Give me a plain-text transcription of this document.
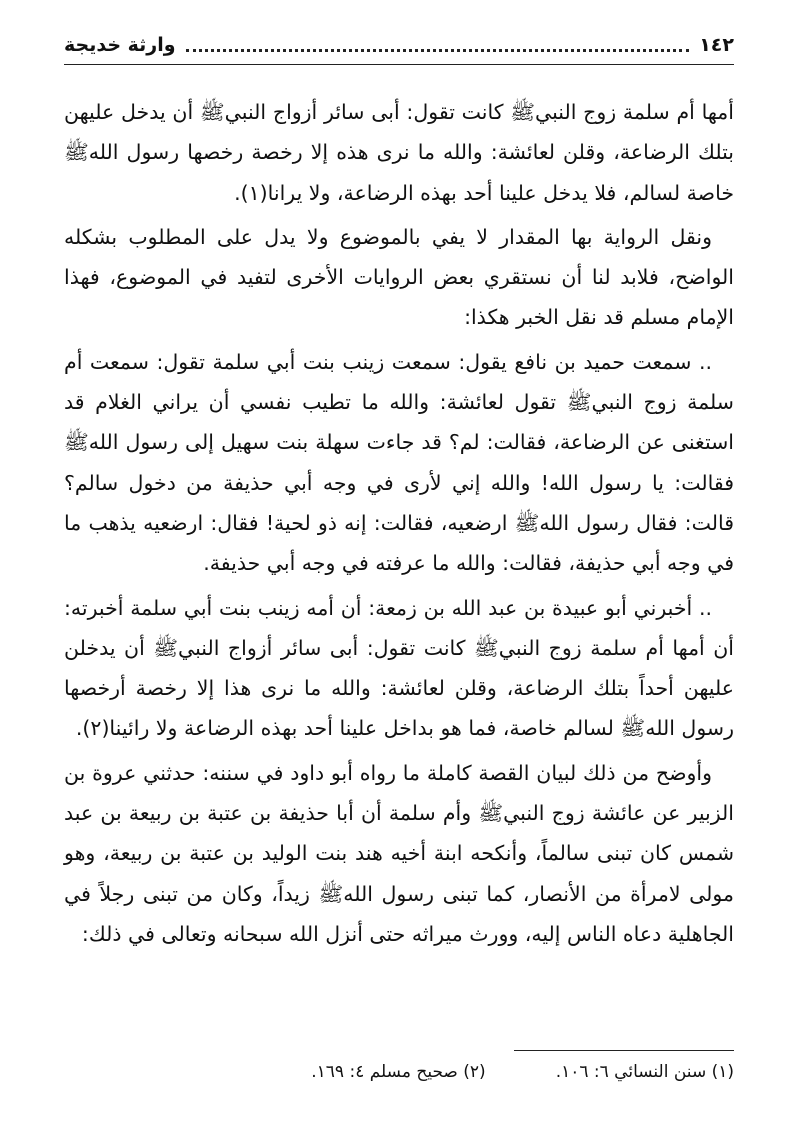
١٤٢
وارثة خديجة

أمها أم سلمة زوج النبيﷺ كانت تقول: أبى سائر أزواج النبيﷺ أن يدخل عليهن بتلك الرضاعة، وقلن لعائشة: والله ما نرى هذه إلا رخصة رخصها رسول اللهﷺ خاصة لسالم، فلا يدخل علينا أحد بهذه الرضاعة، ولا يرانا(١).

ونقل الرواية بها المقدار لا يفي بالموضوع ولا يدل على المطلوب بشكله الواضح، فلابد لنا أن نستقري بعض الروايات الأخرى لتفيد في الموضوع، فهذا الإمام مسلم قد نقل الخبر هكذا:

.. سمعت حميد بن نافع يقول: سمعت زينب بنت أبي سلمة تقول: سمعت أم سلمة زوج النبيﷺ تقول لعائشة: والله ما تطيب نفسي أن يراني الغلام قد استغنى عن الرضاعة، فقالت: لم؟ قد جاءت سهلة بنت سهيل إلى رسول اللهﷺ فقالت: يا رسول الله! والله إني لأرى في وجه أبي حذيفة من دخول سالم؟ قالت: فقال رسول اللهﷺ ارضعيه، فقالت: إنه ذو لحية! فقال: ارضعيه يذهب ما في وجه أبي حذيفة، فقالت: والله ما عرفته في وجه أبي حذيفة.

.. أخبرني أبو عبيدة بن عبد الله بن زمعة: أن أمه زينب بنت أبي سلمة أخبرته: أن أمها أم سلمة زوج النبيﷺ كانت تقول: أبى سائر أزواج النبيﷺ أن يدخلن عليهن أحداً بتلك الرضاعة، وقلن لعائشة: والله ما نرى هذا إلا رخصة أرخصها رسول اللهﷺ لسالم خاصة، فما هو بداخل علينا أحد بهذه الرضاعة ولا رائينا(٢).

وأوضح من ذلك لبيان القصة كاملة ما رواه أبو داود في سننه: حدثني عروة بن الزبير عن عائشة زوج النبيﷺ وأم سلمة أن أبا حذيفة بن عتبة بن ربيعة بن عبد شمس كان تبنى سالماً، وأنكحه ابنة أخيه هند بنت الوليد بن عتبة بن ربيعة، وهو مولى لامرأة من الأنصار، كما تبنى رسول اللهﷺ زيداً، وكان من تبنى رجلاً في الجاهلية دعاه الناس إليه، وورث ميراثه حتى أنزل الله سبحانه وتعالى في ذلك:

(١) سنن النسائي ٦: ١٠٦.
(٢) صحيح مسلم ٤: ١٦٩.
